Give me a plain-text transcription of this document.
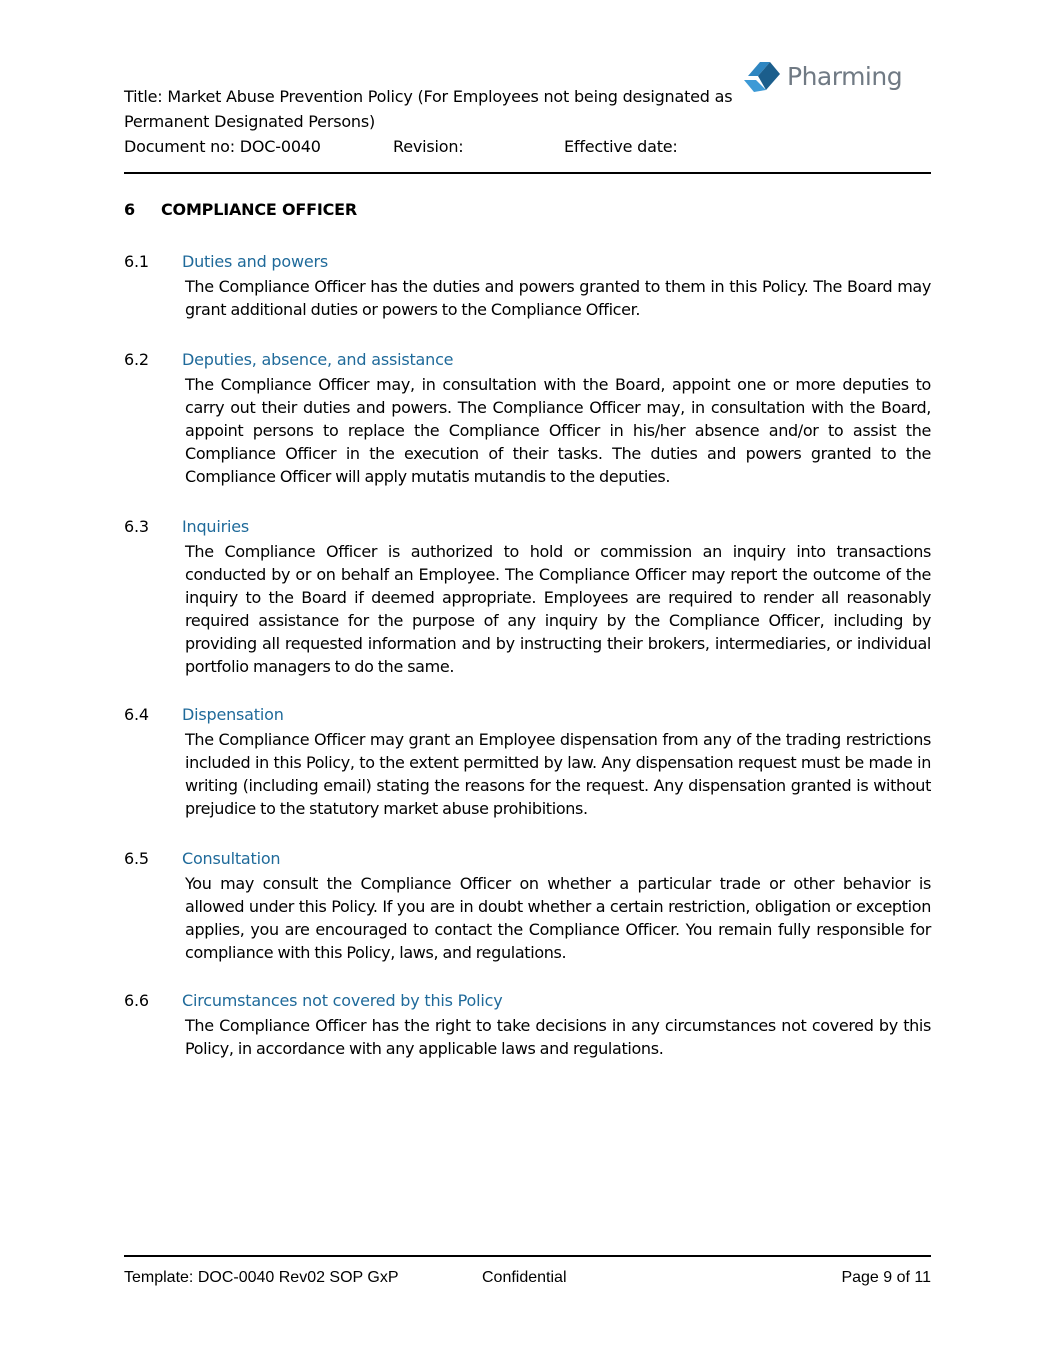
Title: Market Abuse Prevention Policy (For Employees not being designated as Permanent Designated Persons)
Document no: DOC-0040	Revision:	Effective date:
Pharming
6 COMPLIANCE OFFICER
6.1 Duties and powers
The Compliance Officer has the duties and powers granted to them in this Policy. The Board may grant additional duties or powers to the Compliance Officer.
6.2 Deputies, absence, and assistance
The Compliance Officer may, in consultation with the Board, appoint one or more deputies to carry out their duties and powers. The Compliance Officer may, in consultation with the Board, appoint persons to replace the Compliance Officer in his/her absence and/or to assist the Compliance Officer in the execution of their tasks. The duties and powers granted to the Compliance Officer will apply mutatis mutandis to the deputies.
6.3 Inquiries
The Compliance Officer is authorized to hold or commission an inquiry into transactions conducted by or on behalf an Employee. The Compliance Officer may report the outcome of the inquiry to the Board if deemed appropriate. Employees are required to render all reasonably required assistance for the purpose of any inquiry by the Compliance Officer, including by providing all requested information and by instructing their brokers, intermediaries, or individual portfolio managers to do the same.
6.4 Dispensation
The Compliance Officer may grant an Employee dispensation from any of the trading restrictions included in this Policy, to the extent permitted by law. Any dispensation request must be made in writing (including email) stating the reasons for the request. Any dispensation granted is without prejudice to the statutory market abuse prohibitions.
6.5 Consultation
You may consult the Compliance Officer on whether a particular trade or other behavior is allowed under this Policy. If you are in doubt whether a certain restriction, obligation or exception applies, you are encouraged to contact the Compliance Officer. You remain fully responsible for compliance with this Policy, laws, and regulations.
6.6 Circumstances not covered by this Policy
The Compliance Officer has the right to take decisions in any circumstances not covered by this Policy, in accordance with any applicable laws and regulations.
Template: DOC-0040 Rev02 SOP GxP	Confidential	Page 9 of 11
